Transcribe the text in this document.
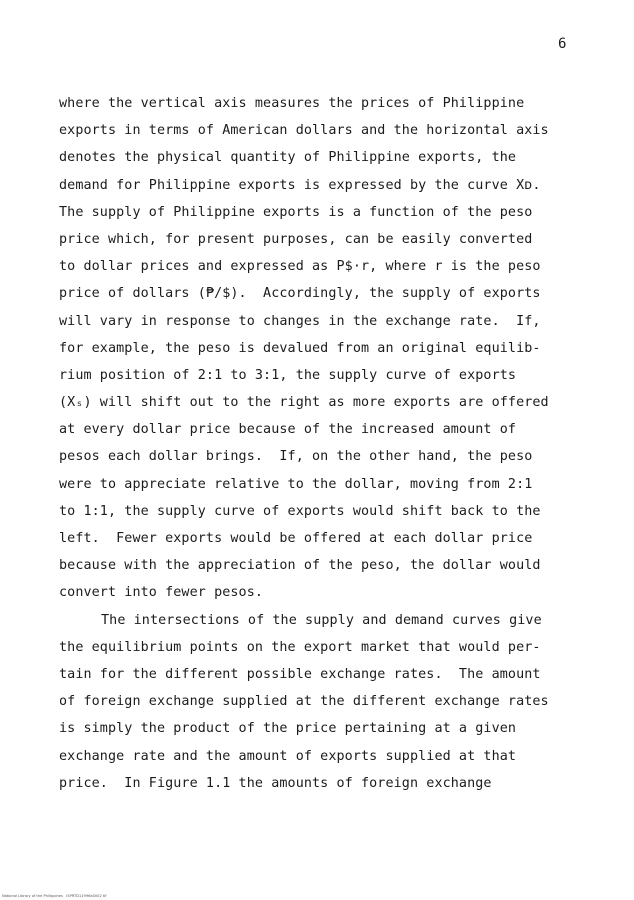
6
where the vertical axis measures the prices of Philippine
exports in terms of American dollars and the horizontal axis
denotes the physical quantity of Philippine exports, the
demand for Philippine exports is expressed by the curve Xᴅ.
The supply of Philippine exports is a function of the peso
price which, for present purposes, can be easily converted
to dollar prices and expressed as P$·r, where r is the peso
price of dollars (₱/$).  Accordingly, the supply of exports
will vary in response to changes in the exchange rate.  If,
for example, the peso is devalued from an original equilib-
rium position of 2:1 to 3:1, the supply curve of exports
(Xₛ) will shift out to the right as more exports are offered
at every dollar price because of the increased amount of
pesos each dollar brings.  If, on the other hand, the peso
were to appreciate relative to the dollar, moving from 2:1
to 1:1, the supply curve of exports would shift back to the
left.  Fewer exports would be offered at each dollar price
because with the appreciation of the peso, the dollar would
convert into fewer pesos.
The intersections of the supply and demand curves give
the equilibrium points on the export market that would per-
tain for the different possible exchange rates.  The amount
of foreign exchange supplied at the different exchange rates
is simply the product of the price pertaining at a given
exchange rate and the amount of exports supplied at that
price.  In Figure 1.1 the amounts of foreign exchange
National Library of the Philippines   ISPRTD11996a0002 tif
